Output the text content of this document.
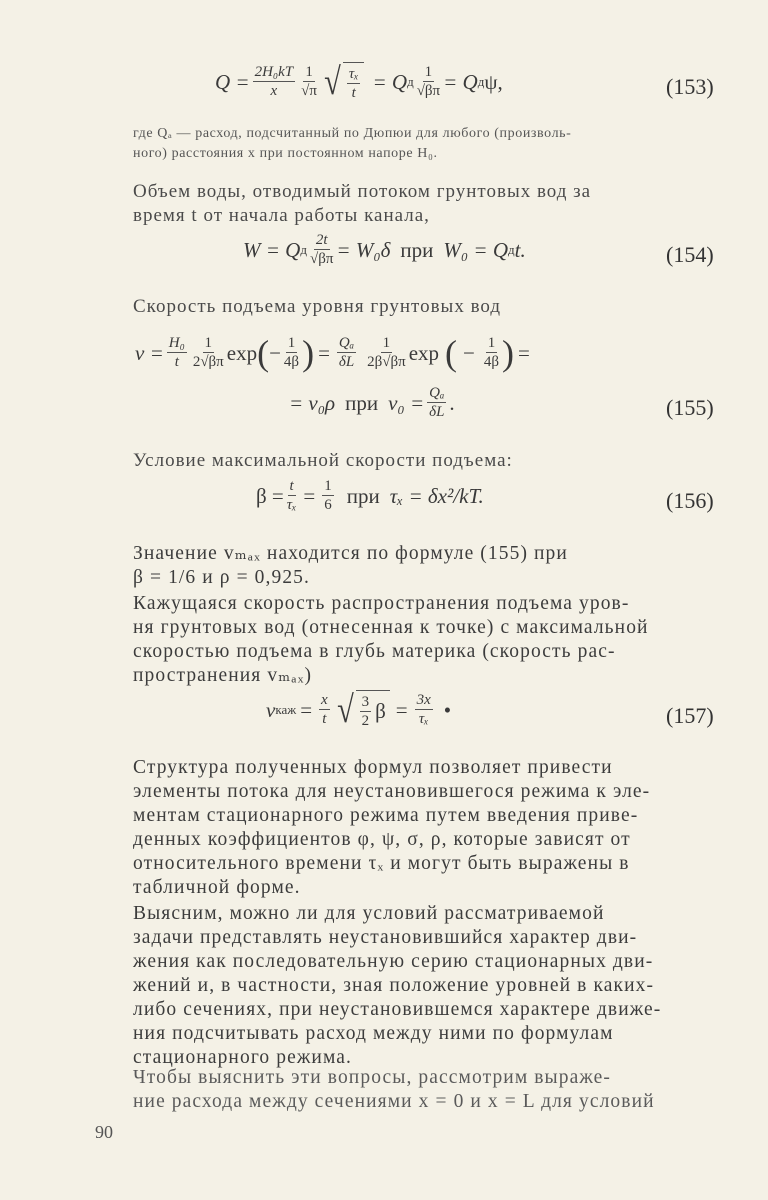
$Q = \frac{\text{2H₀kT}}{x} \frac{1}{√\pi}$ √ $\frac{\text{τₓ}}{t} = Q$ д $\frac{1}{√\beta\pi} = Q$ д ψ,	(153)
где Qₐ — расход, подсчитанный по Дюпюи для любого (произволь-
ного) расстояния x при постоянном напоре H₀.
Объем воды, отводимый потоком грунтовых вод за
время t от начала работы канала,
W = Q д $\frac{2t}{√\beta\pi} = W_0\delta$ при W₀ = Q д t.	(154)
Скорость подъема уровня грунтовых вод
$v = \frac{\text{H₀}}{t} \frac{1}{2√\beta\pi}$ exp ( − $\frac{1}{4\beta}$ ) = $\frac{\text{Qₐ}}{\delta L} \frac{1}{2\beta√\beta\pi}$ exp ( − $\frac{1}{4\beta}$ ) =
= v₀ρ при $v_0 = \frac{\text{Qₐ}}{\delta L}$ .	(155)
Условие максимальной скорости подъема:
$\beta = \frac{t}{\text{τₓ}} = \frac{1}{6}$ при τₓ = δx²/kT.	(156)
Значение vₘₐₓ находится по формуле (155) при
β = 1/6 и ρ = 0,925.
Кажущаяся скорость распространения подъема уров-
ня грунтовых вод (отнесенная к точке) с максимальной
скоростью подъема в глубь материка (скорость рас-
пространения vₘₐₓ)
v каж = $\frac{x}{t}$ √ $\frac{3}{2}$ $\beta = \frac{3x}{\text{τₓ}}$ •	(157)
Структура полученных формул позволяет привести
элементы потока для неустановившегося режима к эле-
ментам стационарного режима путем введения приве-
денных коэффициентов φ, ψ, σ, ρ, которые зависят от
относительного времени τₓ и могут быть выражены в
табличной форме.
Выясним, можно ли для условий рассматриваемой
задачи представлять неустановившийся характер дви-
жения как последовательную серию стационарных дви-
жений и, в частности, зная положение уровней в каких-
либо сечениях, при неустановившемся характере движе-
ния подсчитывать расход между ними по формулам
стационарного режима.
Чтобы выяснить эти вопросы, рассмотрим выраже-
ние расхода между сечениями x = 0 и x = L для условий
90
